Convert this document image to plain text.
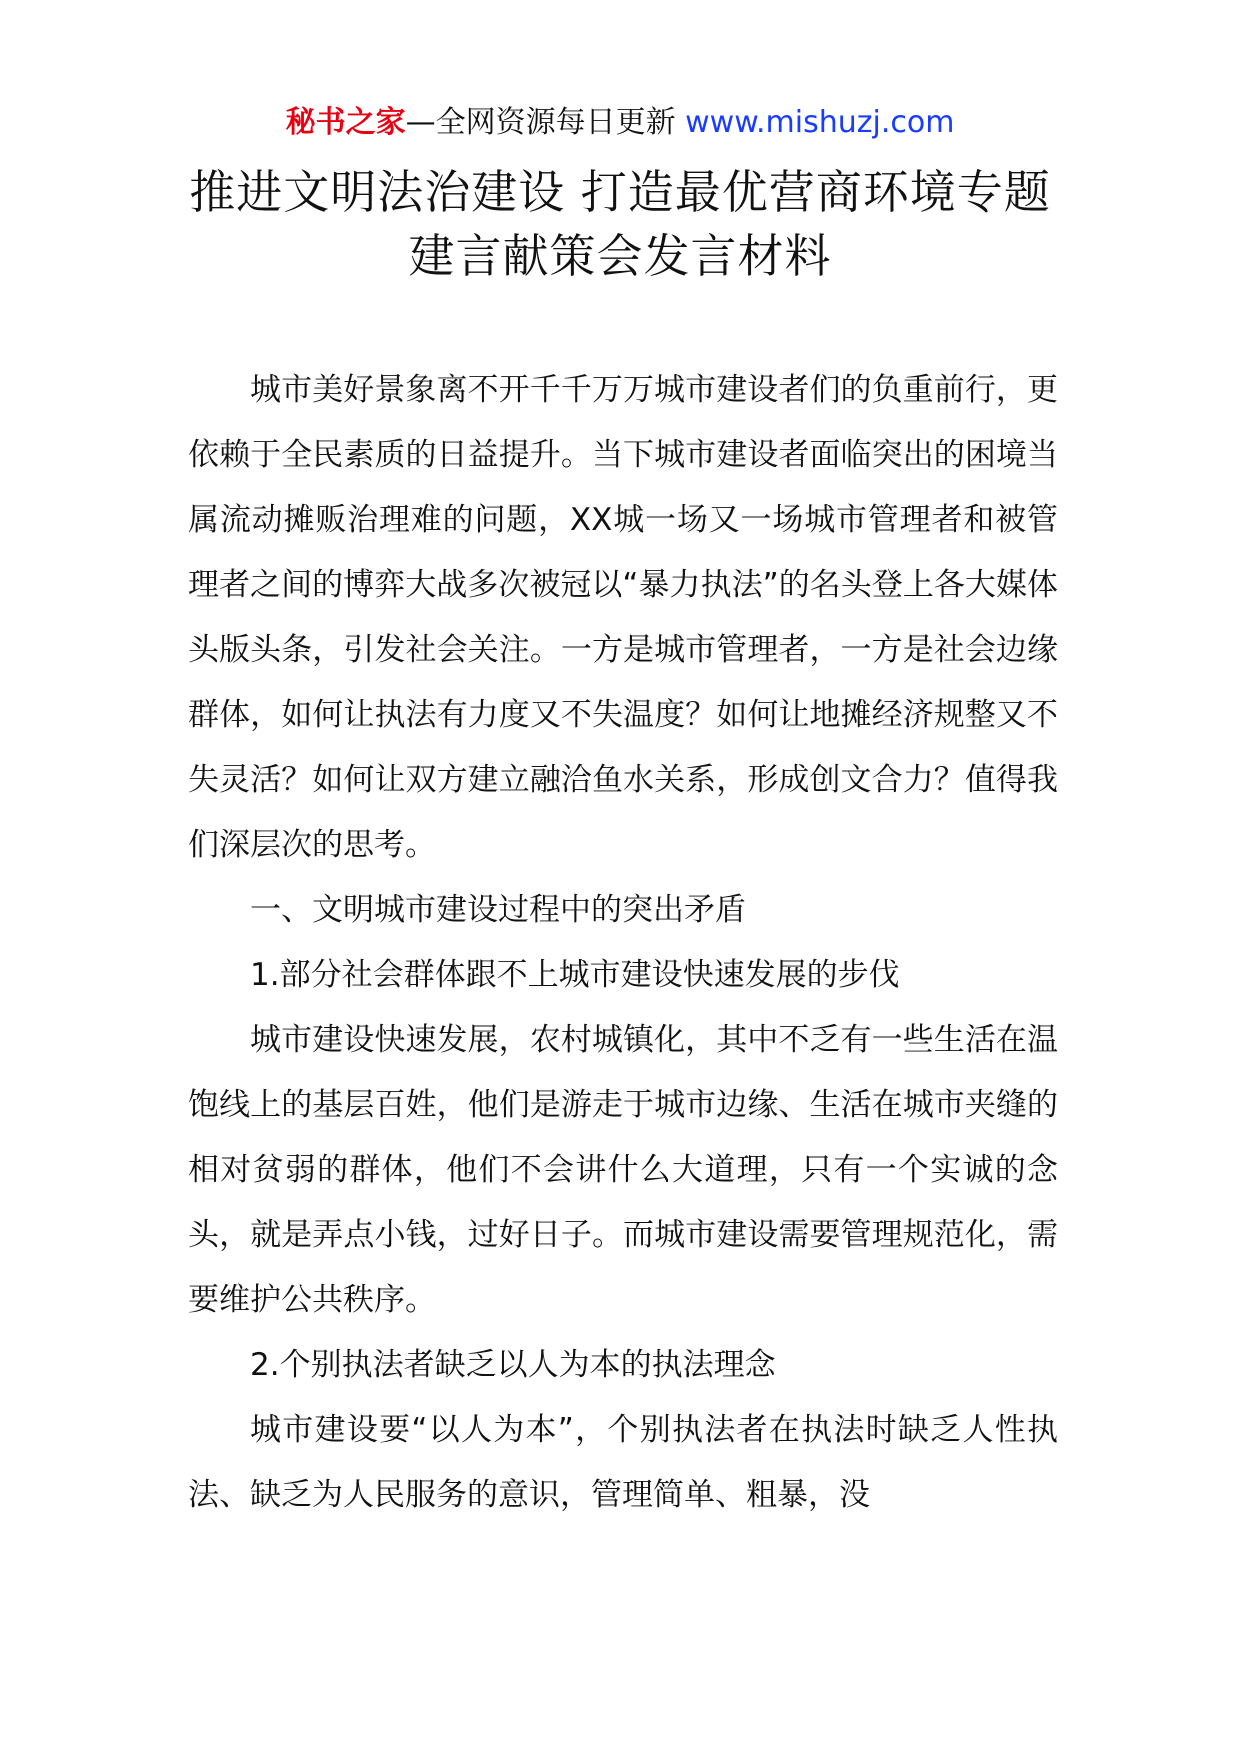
秘书之家—全网资源每日更新 www.mishuzj.com
推进文明法治建设 打造最优营商环境专题
建言献策会发言材料

城市美好景象离不开千千万万城市建设者们的负重前行，更依赖于全民素质的日益提升。当下城市建设者面临突出的困境当属流动摊贩治理难的问题，XX城一场又一场城市管理者和被管理者之间的博弈大战多次被冠以“暴力执法”的名头登上各大媒体头版头条，引发社会关注。一方是城市管理者，一方是社会边缘群体，如何让执法有力度又不失温度？如何让地摊经济规整又不失灵活？如何让双方建立融洽鱼水关系，形成创文合力？值得我们深层次的思考。

一、文明城市建设过程中的突出矛盾

1.部分社会群体跟不上城市建设快速发展的步伐

城市建设快速发展，农村城镇化，其中不乏有一些生活在温饱线上的基层百姓，他们是游走于城市边缘、生活在城市夹缝的相对贫弱的群体，他们不会讲什么大道理，只有一个实诚的念头，就是弄点小钱，过好日子。而城市建设需要管理规范化，需要维护公共秩序。

2.个别执法者缺乏以人为本的执法理念

城市建设要“以人为本”，个别执法者在执法时缺乏人性执法、缺乏为人民服务的意识，管理简单、粗暴，没
